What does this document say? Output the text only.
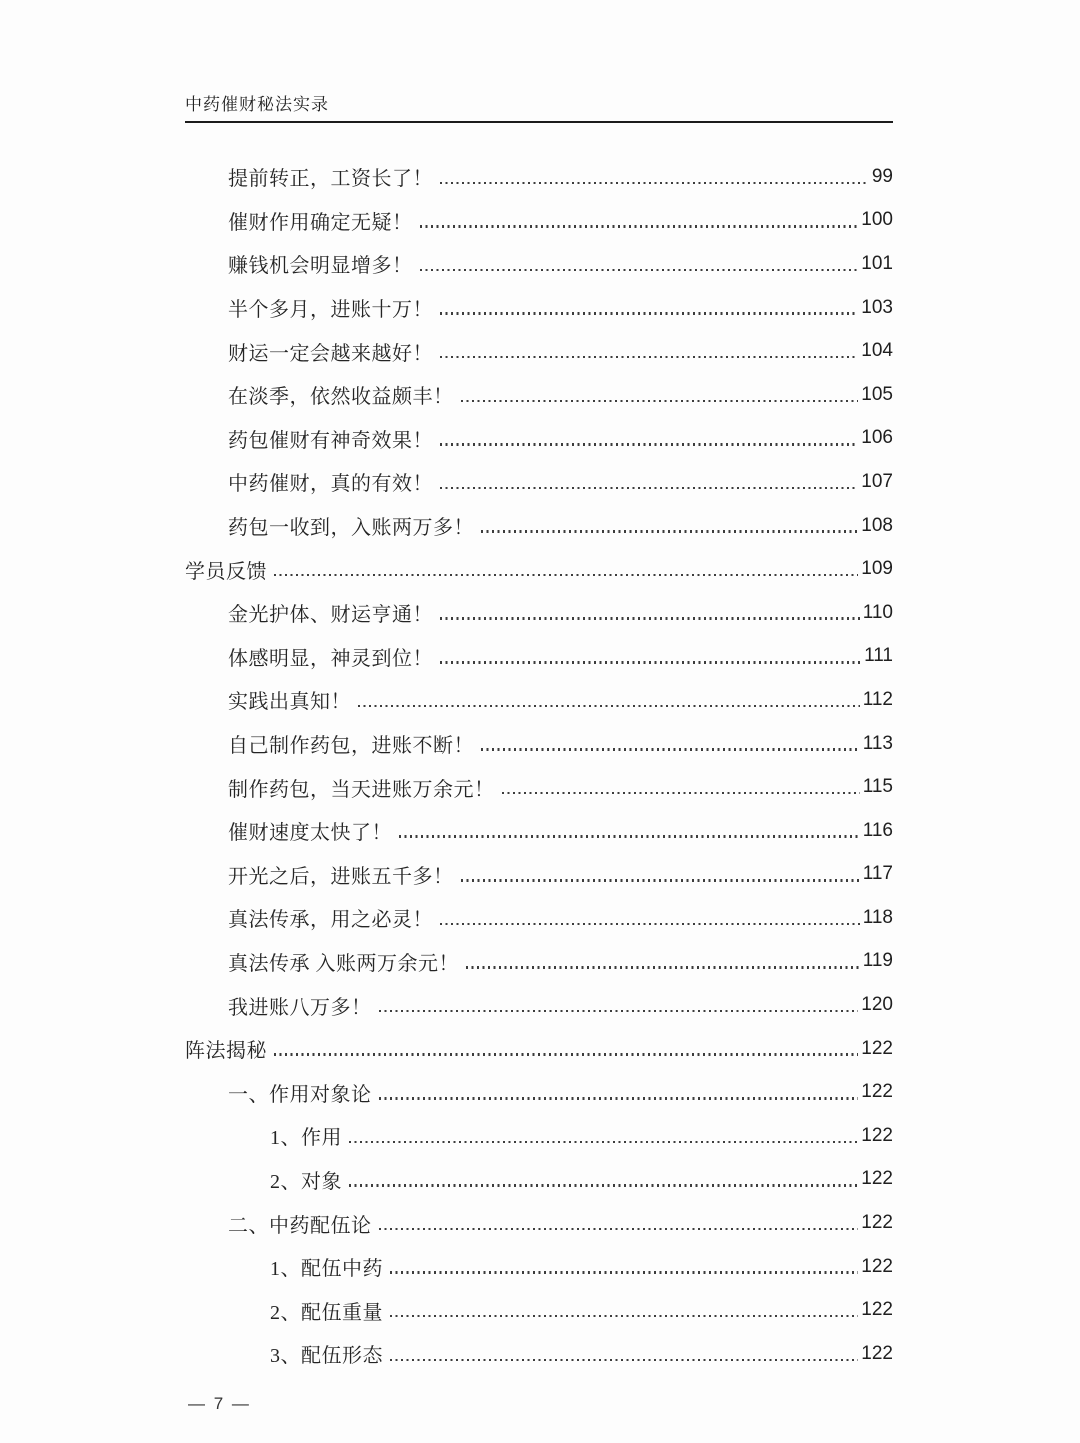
中药催财秘法实录
提前转正，工资长了！	99
催财作用确定无疑！	100
赚钱机会明显增多！	101
半个多月，进账十万！	103
财运一定会越来越好！	104
在淡季，依然收益颇丰！	105
药包催财有神奇效果！	106
中药催财，真的有效！	107
药包一收到，入账两万多！	108
学员反馈	109
金光护体、财运亨通！	110
体感明显，神灵到位！	111
实践出真知！	112
自己制作药包，进账不断！	113
制作药包，当天进账万余元！	115
催财速度太快了！	116
开光之后，进账五千多！	117
真法传承，用之必灵！	118
真法传承 入账两万余元！	119
我进账八万多！	120
阵法揭秘	122
一、作用对象论	122
1、作用	122
2、对象	122
二、中药配伍论	122
1、配伍中药	122
2、配伍重量	122
3、配伍形态	122
— 7 —
